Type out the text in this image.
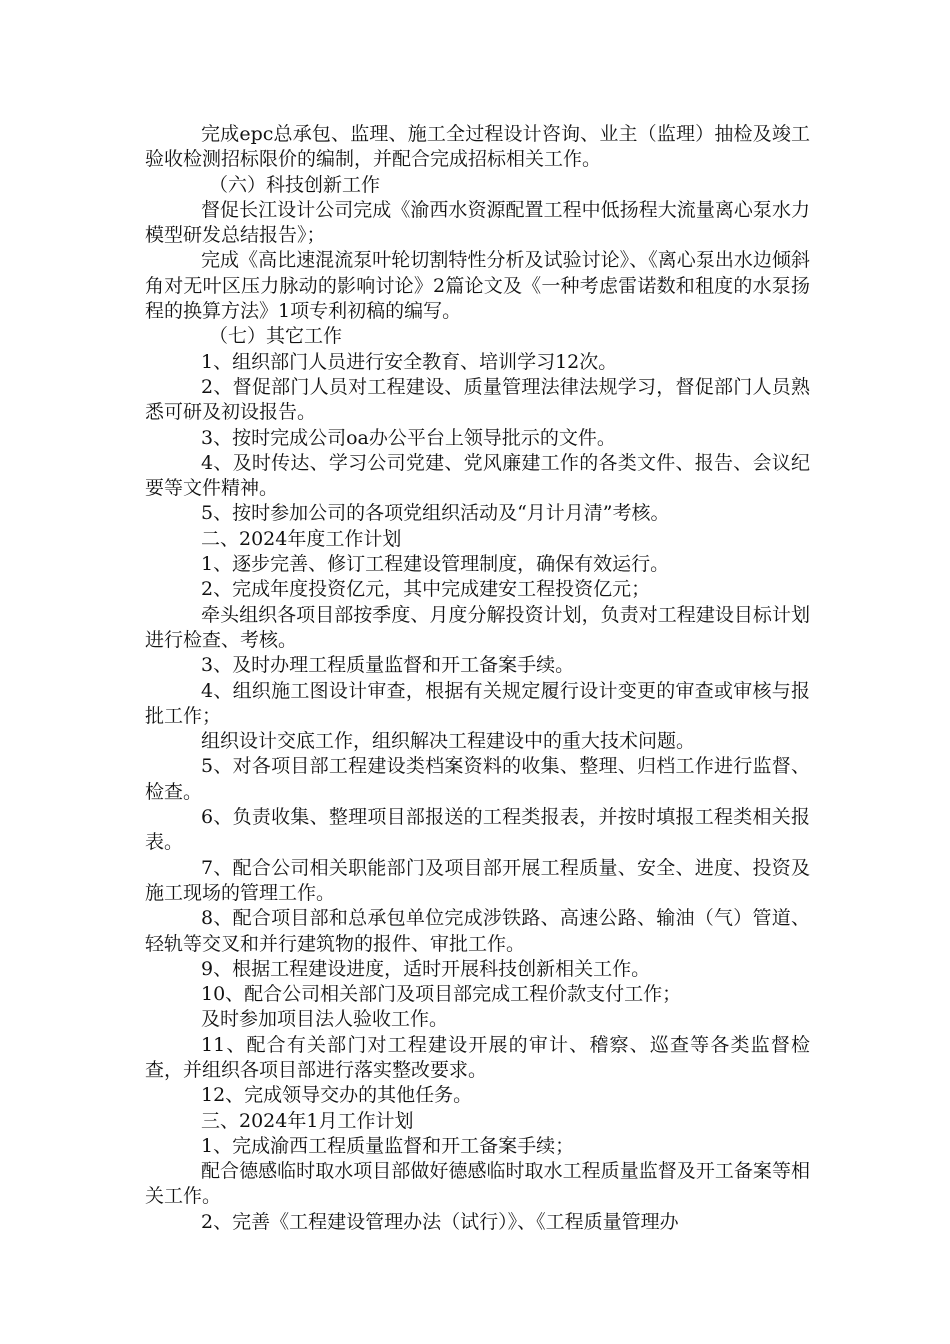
完成epc总承包、监理、施工全过程设计咨询、业主（监理）抽检及竣工验收检测招标限价的编制，并配合完成招标相关工作。

（六）科技创新工作

督促长江设计公司完成《渝西水资源配置工程中低扬程大流量离心泵水力模型研发总结报告》；

完成《高比速混流泵叶轮切割特性分析及试验讨论》、《离心泵出水边倾斜角对无叶区压力脉动的影响讨论》2篇论文及《一种考虑雷诺数和租度的水泵扬程的换算方法》1项专利初稿的编写。

（七）其它工作

1、组织部门人员进行安全教育、培训学习12次。

2、督促部门人员对工程建设、质量管理法律法规学习，督促部门人员熟悉可研及初设报告。

3、按时完成公司oa办公平台上领导批示的文件。

4、及时传达、学习公司党建、党风廉建工作的各类文件、报告、会议纪要等文件精神。

5、按时参加公司的各项党组织活动及“月计月清”考核。

二、2024年度工作计划

1、逐步完善、修订工程建设管理制度，确保有效运行。

2、完成年度投资亿元，其中完成建安工程投资亿元；

牵头组织各项目部按季度、月度分解投资计划，负责对工程建设目标计划进行检查、考核。

3、及时办理工程质量监督和开工备案手续。

4、组织施工图设计审查，根据有关规定履行设计变更的审查或审核与报批工作；

组织设计交底工作，组织解决工程建设中的重大技术问题。

5、对各项目部工程建设类档案资料的收集、整理、归档工作进行监督、检查。

6、负责收集、整理项目部报送的工程类报表，并按时填报工程类相关报表。

7、配合公司相关职能部门及项目部开展工程质量、安全、进度、投资及施工现场的管理工作。

8、配合项目部和总承包单位完成涉铁路、高速公路、输油（气）管道、轻轨等交叉和并行建筑物的报件、审批工作。

9、根据工程建设进度，适时开展科技创新相关工作。

10、配合公司相关部门及项目部完成工程价款支付工作；

及时参加项目法人验收工作。

11、配合有关部门对工程建设开展的审计、稽察、巡查等各类监督检查，并组织各项目部进行落实整改要求。

12、完成领导交办的其他任务。

三、2024年1月工作计划

1、完成渝西工程质量监督和开工备案手续；

配合德感临时取水项目部做好德感临时取水工程质量监督及开工备案等相关工作。

2、完善《工程建设管理办法（试行）》、《工程质量管理办
